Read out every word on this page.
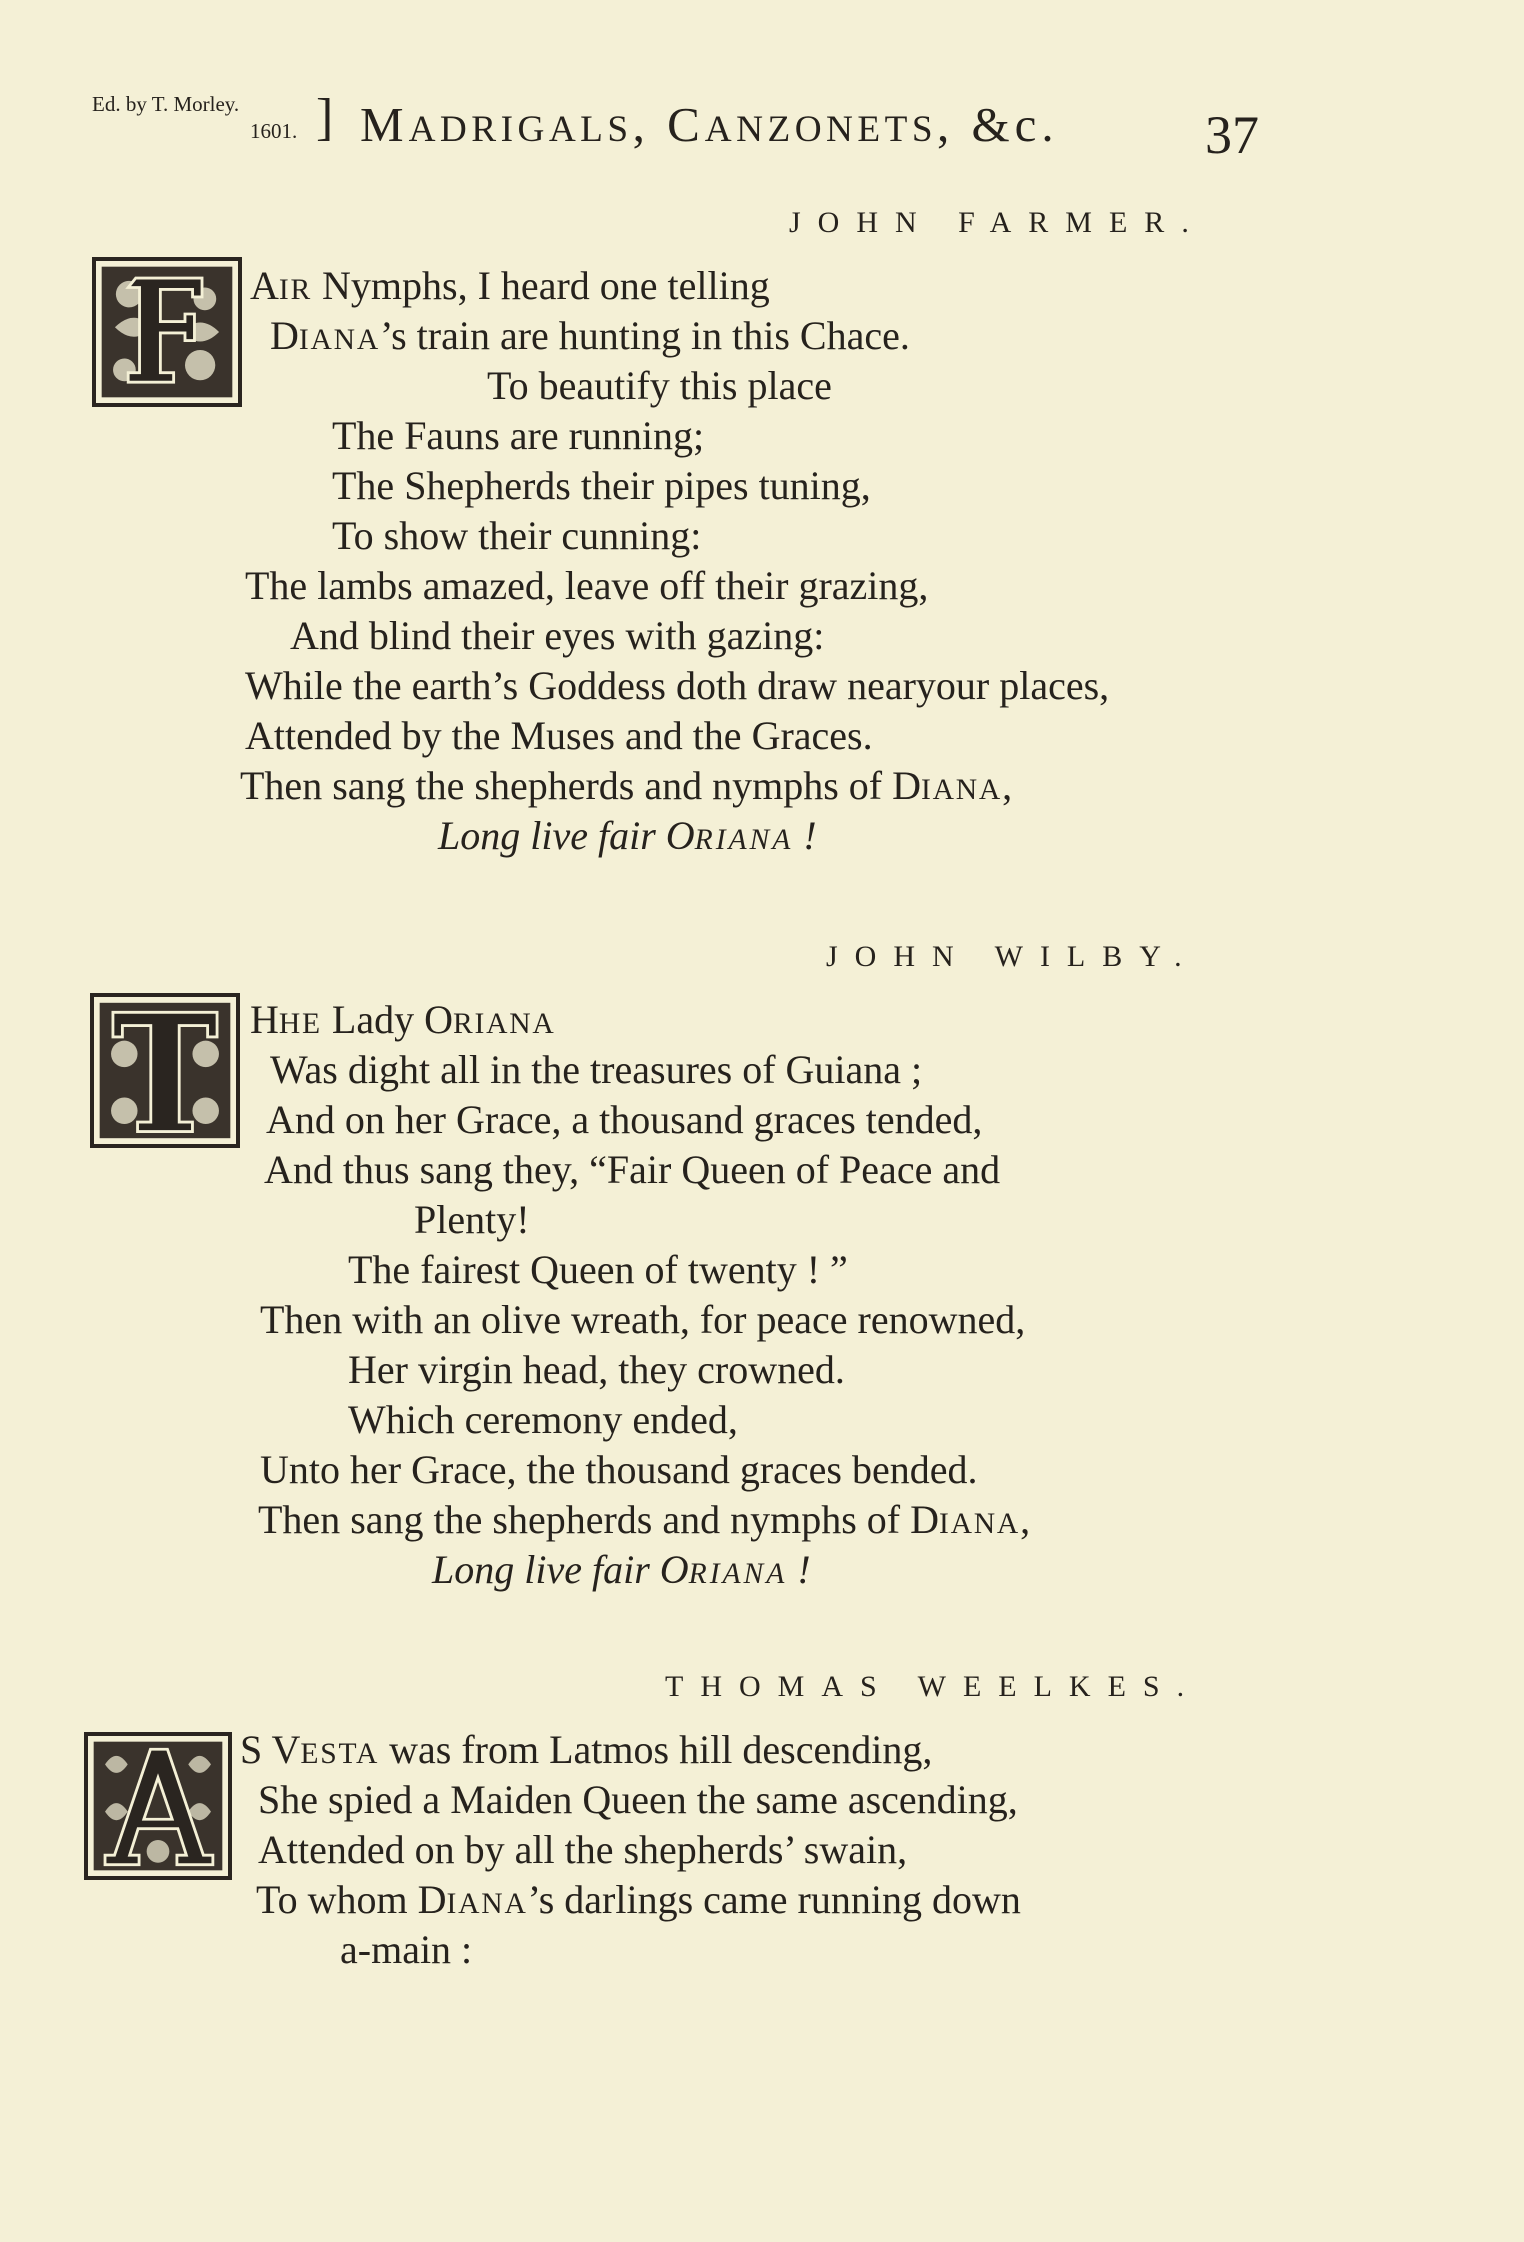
Ed. by T. Morley.
1601. ] MADRIGALS, CANZONETS, &c.	37
JOHN FARMER.
JOHN WILBY.
THOMAS WEELKES.
AIR Nymphs, I heard one telling
DIANA’s train are hunting in this Chace.
To beautify this place
The Fauns are running;
The Shepherds their pipes tuning,
To show their cunning:
The lambs amazed, leave off their grazing,
And blind their eyes with gazing:
While the earth’s Goddess doth draw nearyour places,
Attended by the Muses and the Graces.
Then sang the shepherds and nymphs of DIANA,
Long live fair ORIANA !
HHE Lady ORIANA
Was dight all in the treasures of Guiana ;
And on her Grace, a thousand graces tended,
And thus sang they, “Fair Queen of Peace and
Plenty!
The fairest Queen of twenty ! ”
Then with an olive wreath, for peace renowned,
Her virgin head, they crowned.
Which ceremony ended,
Unto her Grace, the thousand graces bended.
Then sang the shepherds and nymphs of DIANA,
Long live fair ORIANA !
S VESTA was from Latmos hill descending,
She spied a Maiden Queen the same ascending,
Attended on by all the shepherds’ swain,
To whom DIANA’s darlings came running down
a-main :
